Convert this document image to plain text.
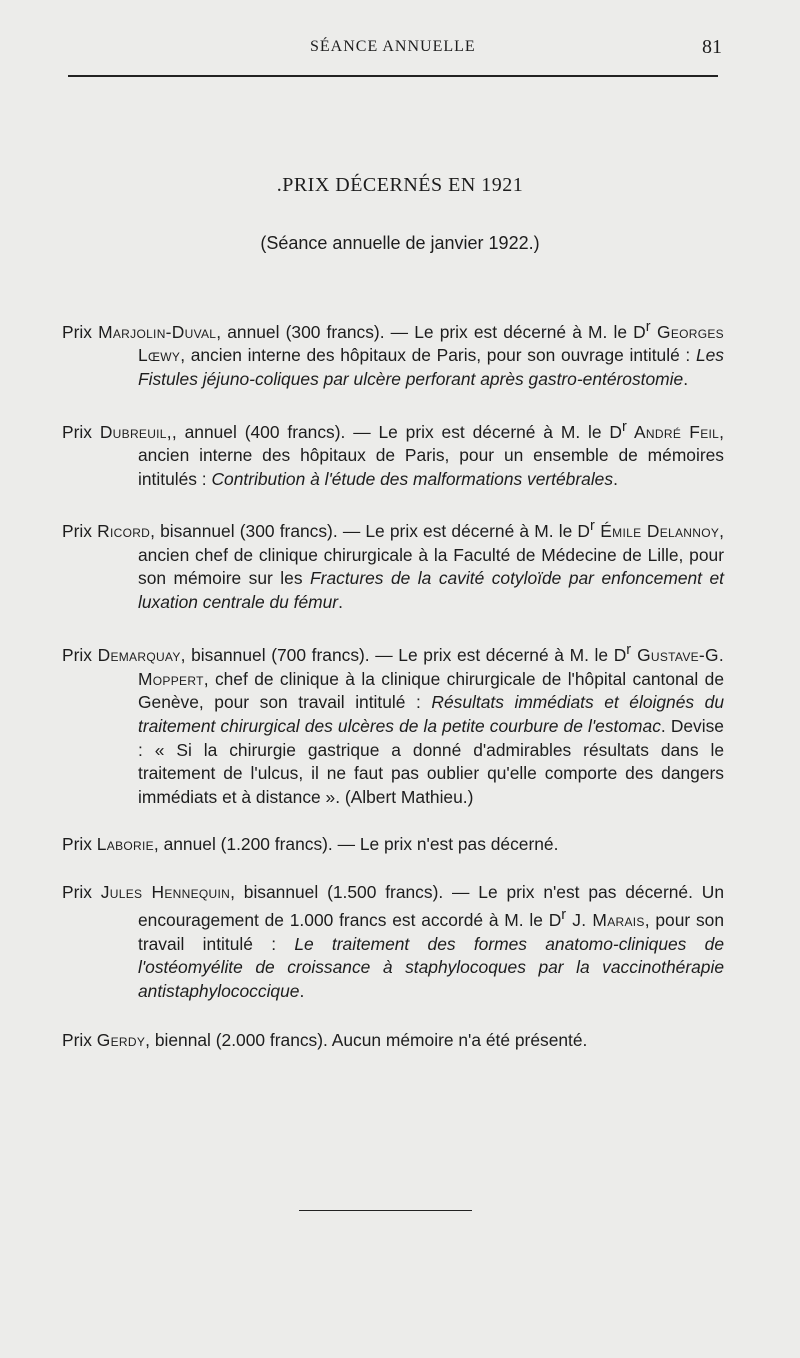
SÉANCE ANNUELLE	81
.PRIX DÉCERNÉS EN 1921
(Séance annuelle de janvier 1922.)

Prix Marjolin-Duval, annuel (300 francs). — Le prix est décerné à M. le $D^r$ Georges Lœwy, ancien interne des hôpitaux de Paris, pour son ouvrage intitulé : Les Fistules jéjuno-coliques par ulcère perforant après gastro-entérostomie.

Prix Dubreuil,, annuel (400 francs). — Le prix est décerné à M. le $D^r$ André Feil, ancien interne des hôpitaux de Paris, pour un ensemble de mémoires intitulés : Contribution à l'étude des malformations vertébrales.

Prix Ricord, bisannuel (300 francs). — Le prix est décerné à M. le $D^r$ Émile Delannoy, ancien chef de clinique chirurgicale à la Faculté de Médecine de Lille, pour son mémoire sur les Fractures de la cavité cotyloïde par enfoncement et luxation centrale du fémur.

Prix Demarquay, bisannuel (700 francs). — Le prix est décerné à M. le $D^r$ Gustave-G. Moppert, chef de clinique à la clinique chirurgicale de l'hôpital cantonal de Genève, pour son travail intitulé : Résultats immédiats et éloignés du traitement chirurgical des ulcères de la petite courbure de l'estomac. Devise : « Si la chirurgie gastrique a donné d'admirables résultats dans le traitement de l'ulcus, il ne faut pas oublier qu'elle comporte des dangers immédiats et à distance ». (Albert Mathieu.)

Prix Laborie, annuel (1.200 francs). — Le prix n'est pas décerné.

Prix Jules Hennequin, bisannuel (1.500 francs). — Le prix n'est pas décerné. Un encouragement de 1.000 francs est accordé à M. le $D^r$ J. Marais, pour son travail intitulé : Le traitement des formes anatomo-cliniques de l'ostéomyélite de croissance à staphylocoques par la vaccinothérapie antistaphylococcique.

Prix Gerdy, biennal (2.000 francs). Aucun mémoire n'a été présenté.
